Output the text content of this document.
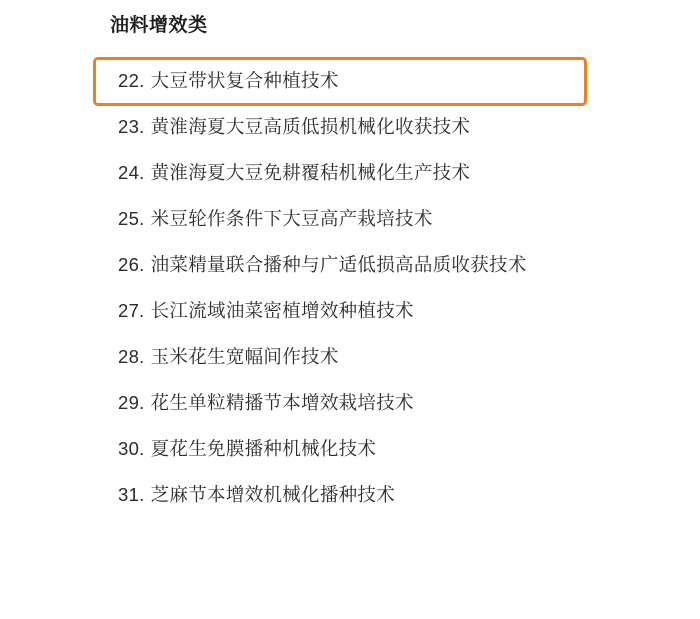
油料增效类
22. 大豆带状复合种植技术
23. 黄淮海夏大豆高质低损机械化收获技术
24. 黄淮海夏大豆免耕覆秸机械化生产技术
25. 米豆轮作条件下大豆高产栽培技术
26. 油菜精量联合播种与广适低损高品质收获技术
27. 长江流域油菜密植增效种植技术
28. 玉米花生宽幅间作技术
29. 花生单粒精播节本增效栽培技术
30. 夏花生免膜播种机械化技术
31. 芝麻节本增效机械化播种技术
